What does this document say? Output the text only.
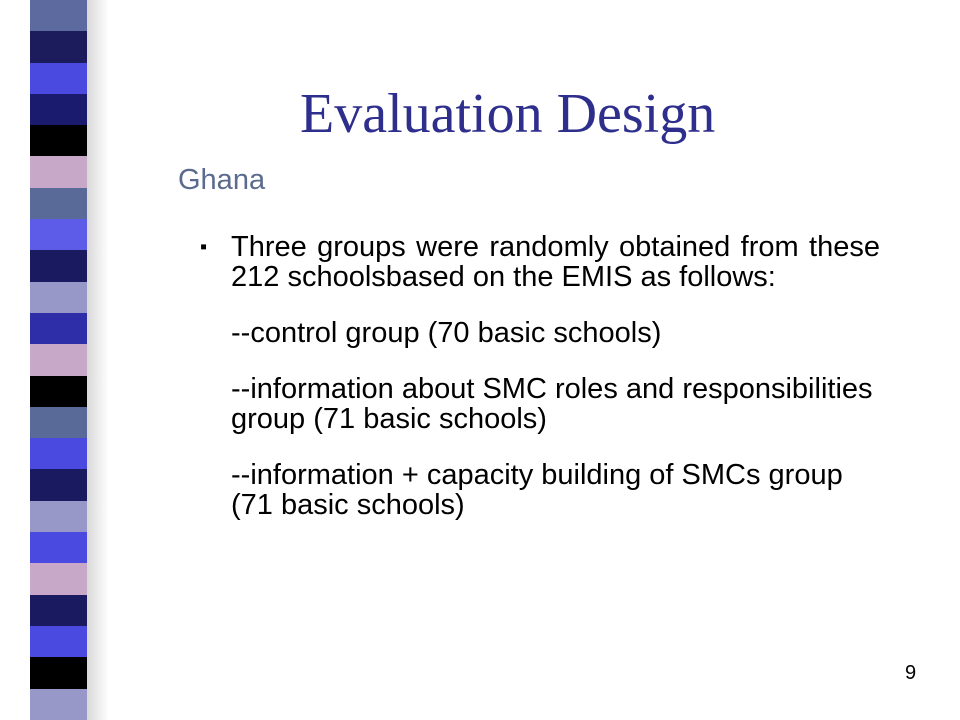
Evaluation Design
Ghana
▪ Three groups were randomly obtained from these 212 schoolsbased on the EMIS as follows:
--control group (70 basic schools)
--information about SMC roles and responsibilities group (71 basic schools)
--information + capacity building of SMCs group (71 basic schools)
9
